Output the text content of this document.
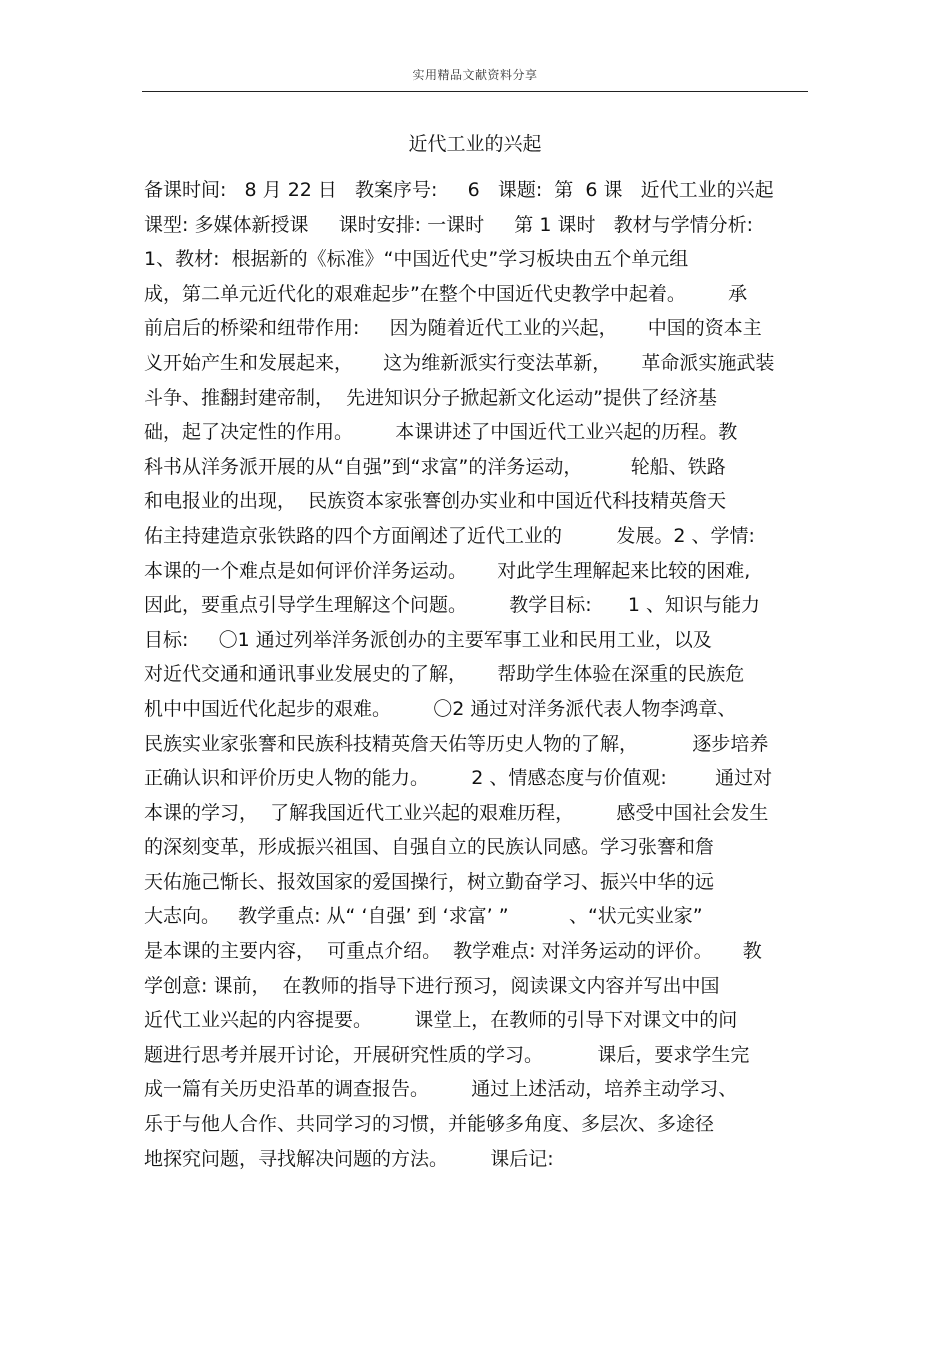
实用精品文献资料分享
近代工业的兴起
备课时间:   8 月 22 日   教案序号:     6   课题:  第  6 课   近代工业的兴起
课型: 多媒体新授课     课时安排: 一课时     第 1 课时   教材与学情分析:
1、教材:  根据新的《标准》“中国近代史”学习板块由五个单元组
成，第二单元近代化的艰难起步”在整个中国近代史教学中起着。       承
前启后的桥梁和纽带作用:     因为随着近代工业的兴起，     中国的资本主
义开始产生和发展起来，     这为维新派实行变法革新，     革命派实施武装
斗争、推翻封建帝制，  先进知识分子掀起新文化运动”提供了经济基
础，起了决定性的作用。       本课讲述了中国近代工业兴起的历程。教
科书从洋务派开展的从“自强”到“求富”的洋务运动，        轮船、铁路
和电报业的出现，  民族资本家张謇创办实业和中国近代科技精英詹天
佑主持建造京张铁路的四个方面阐述了近代工业的         发展。2 、学情:
本课的一个难点是如何评价洋务运动。     对此学生理解起来比较的困难,
因此，要重点引导学生理解这个问题。       教学目标:      1 、知识与能力
目标:     〇1 通过列举洋务派创办的主要军事工业和民用工业，以及
对近代交通和通讯事业发展史的了解，     帮助学生体验在深重的民族危
机中中国近代化起步的艰难。       〇2 通过对洋务派代表人物李鸿章、
民族实业家张謇和民族科技精英詹天佑等历史人物的了解，         逐步培养
正确认识和评价历史人物的能力。       2 、情感态度与价值观:        通过对
本课的学习，  了解我国近代工业兴起的艰难历程，       感受中国社会发生
的深刻变革，形成振兴祖国、自强自立的民族认同感。学习张謇和詹
天佑施己惭长、报效国家的爱国操行，树立勤奋学习、振兴中华的远
大志向。   教学重点: 从“ ‘自强’ 到 ‘求富’ ”          、“状元实业家”
是本课的主要内容，  可重点介绍。  教学难点: 对洋务运动的评价。     教
学创意: 课前，  在教师的指导下进行预习，阅读课文内容并写出中国
近代工业兴起的内容提要。       课堂上，在教师的引导下对课文中的问
题进行思考并展开讨论，开展研究性质的学习。         课后，要求学生完
成一篇有关历史沿革的调查报告。       通过上述活动，培养主动学习、
乐于与他人合作、共同学习的习惯，并能够多角度、多层次、多途径
地探究问题，寻找解决问题的方法。       课后记:
